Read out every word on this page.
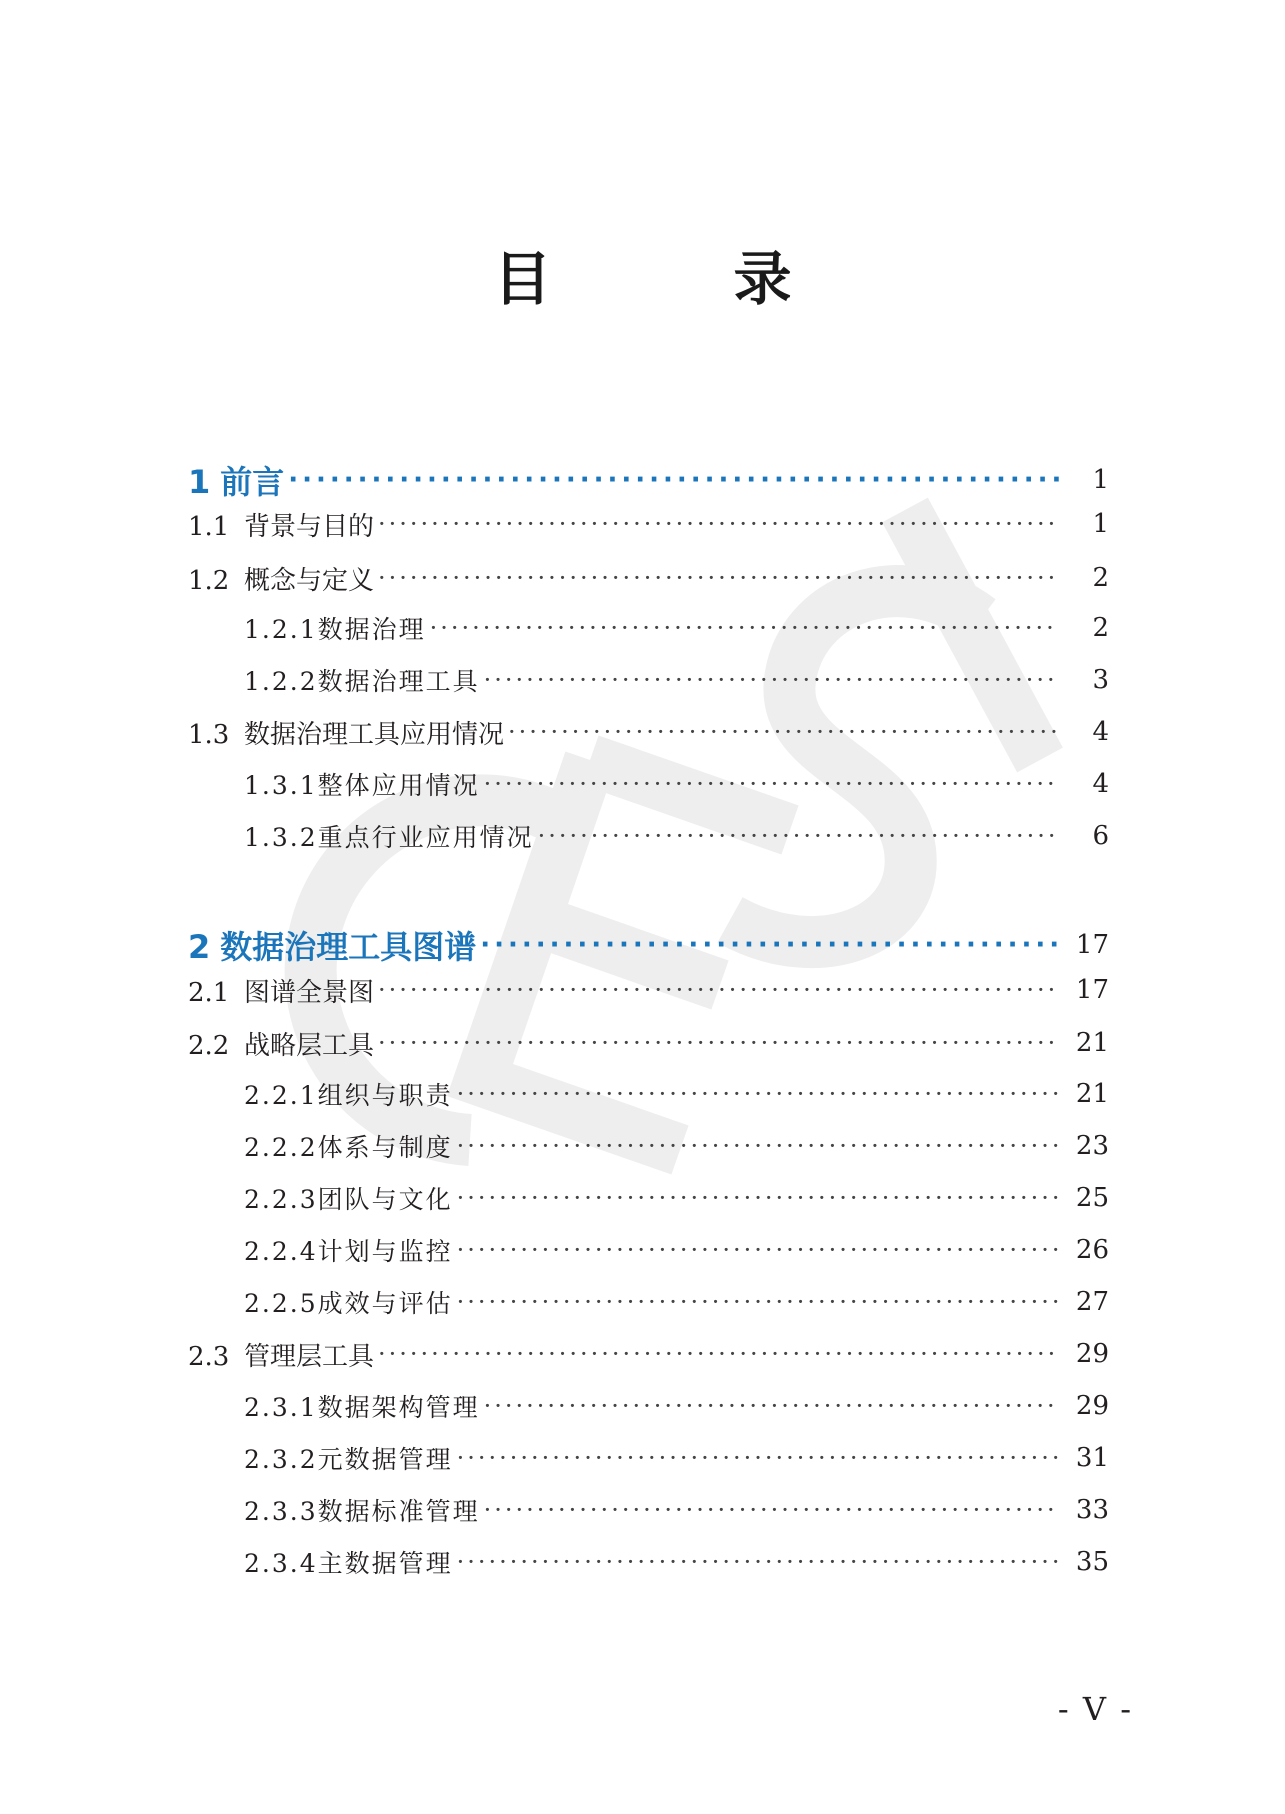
目　录
1 前言 ·····	1
1.1 背景与目的 ·····	1
1.2 概念与定义 ·····	2
1.2.1数据治理 ·····	2
1.2.2数据治理工具 ·····	3
1.3 数据治理工具应用情况 ·····	4
1.3.1整体应用情况 ·····	4
1.3.2重点行业应用情况 ·····	6
2 数据治理工具图谱 ·····	17
2.1 图谱全景图 ·····	17
2.2 战略层工具 ·····	21
2.2.1组织与职责 ·····	21
2.2.2体系与制度 ·····	23
2.2.3团队与文化 ·····	25
2.2.4计划与监控 ·····	26
2.2.5成效与评估 ·····	27
2.3 管理层工具 ·····	29
2.3.1数据架构管理 ·····	29
2.3.2元数据管理 ·····	31
2.3.3数据标准管理 ·····	33
2.3.4主数据管理 ·····	35
- V -
